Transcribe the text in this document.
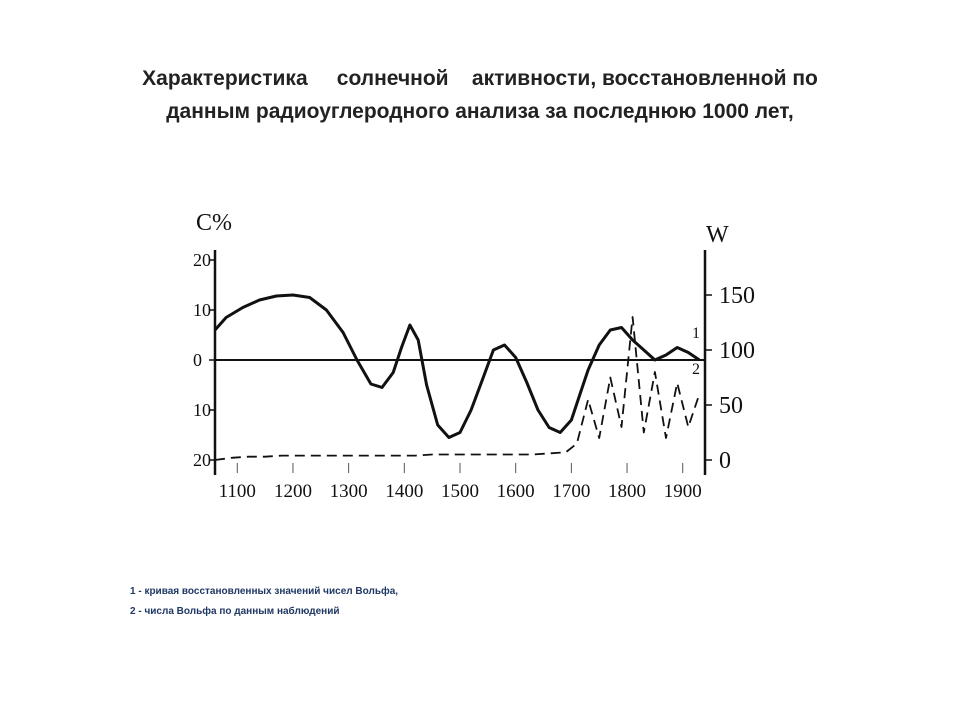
Характеристика     солнечной    активности, восстановленной по
данным радиоуглеродного анализа за последнюю 1000 лет,
20
10
0
10
20
150
100
50
0
1100 1200 1300 1400 1500 1600 1700 1800 1900
1
2
C%	W
1 - кривая восстановленных значений чисел Вольфа,
2 - числа Вольфа по данным наблюдений
